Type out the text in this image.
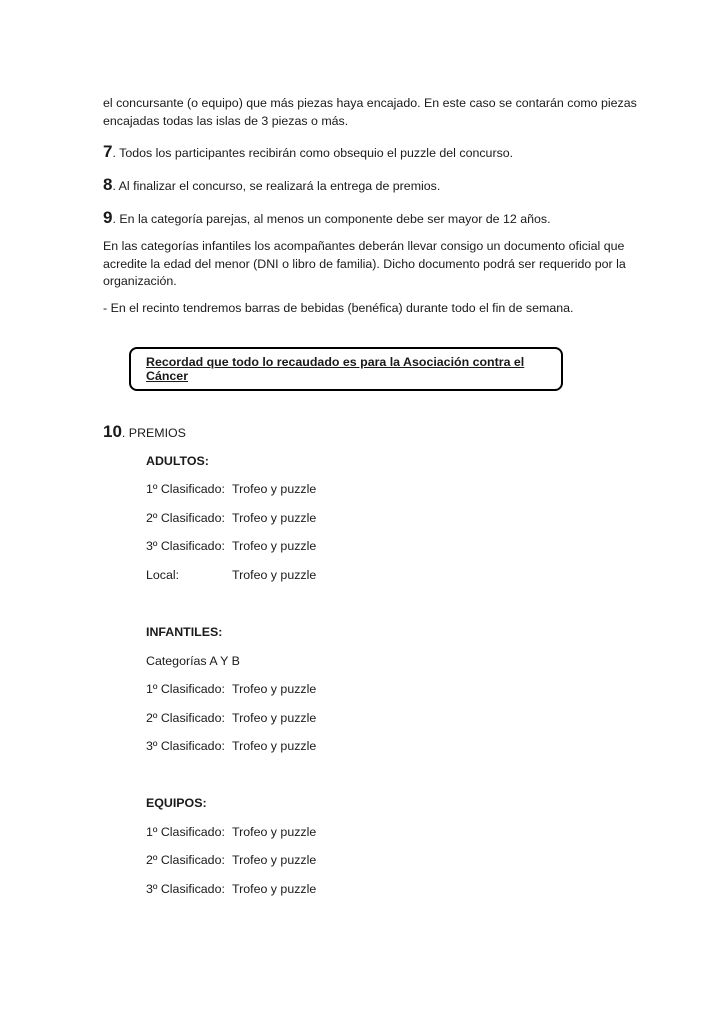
el concursante (o equipo) que más piezas haya encajado. En este caso se contarán como piezas encajadas todas las islas de 3 piezas o más.
7. Todos los participantes recibirán como obsequio el puzzle del concurso.
8. Al finalizar el concurso, se realizará la entrega de premios.
9. En la categoría parejas, al menos un componente debe ser mayor de 12 años.
En las categorías infantiles los acompañantes deberán llevar consigo un documento oficial que acredite la edad del menor (DNI o libro de familia). Dicho documento podrá ser requerido por la organización.
- En el recinto tendremos barras de bebidas (benéfica) durante todo el fin de semana.
Recordad que todo lo recaudado es para la Asociación contra el Cáncer
10. PREMIOS
ADULTOS:
1º Clasificado: Trofeo y puzzle
2º Clasificado: Trofeo y puzzle
3º Clasificado: Trofeo y puzzle
Local:	Trofeo y puzzle
INFANTILES:
Categorías A Y B
1º Clasificado: Trofeo y puzzle
2º Clasificado: Trofeo y puzzle
3º Clasificado: Trofeo y puzzle
EQUIPOS:
1º Clasificado: Trofeo y puzzle
2º Clasificado: Trofeo y puzzle
3º Clasificado: Trofeo y puzzle
